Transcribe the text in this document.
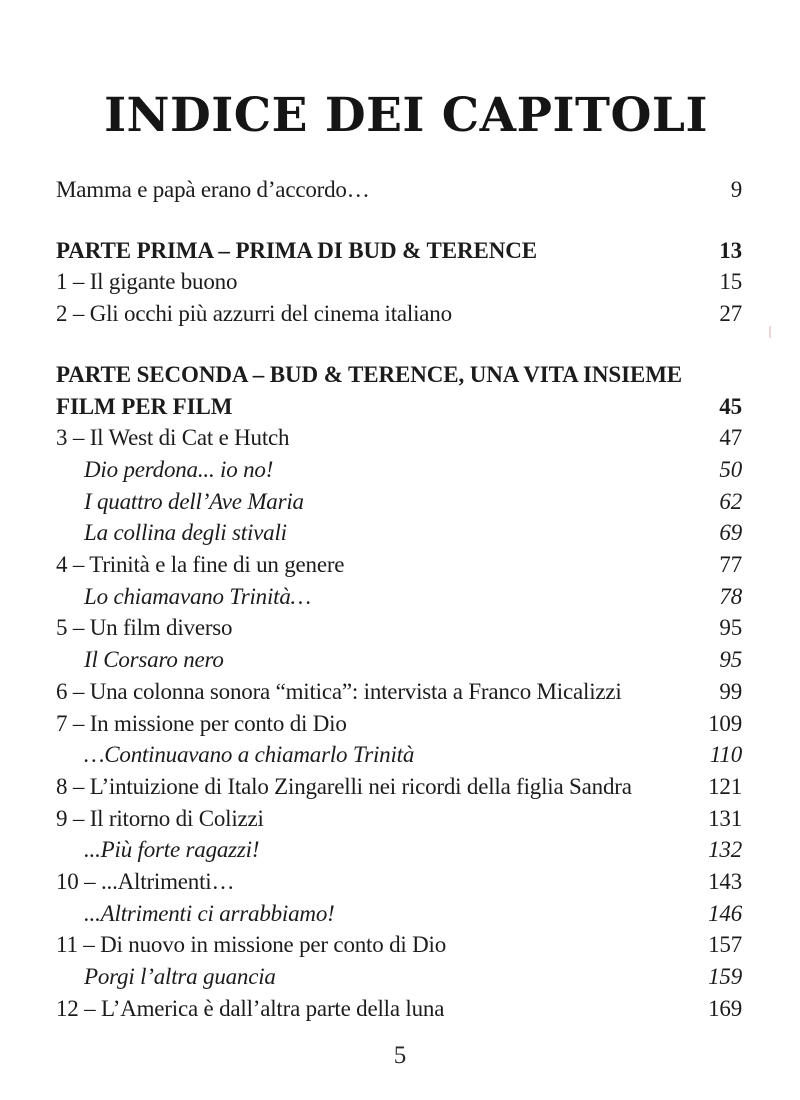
INDICE DEI CAPITOLI
Mamma e papà erano d’accordo…	9
PARTE PRIMA – PRIMA DI BUD & TERENCE	13
1 – Il gigante buono	15
2 – Gli occhi più azzurri del cinema italiano	27
PARTE SECONDA – BUD & TERENCE, UNA VITA INSIEME
FILM PER FILM	45
3 – Il West di Cat e Hutch	47
Dio perdona... io no!	50
I quattro dell’Ave Maria	62
La collina degli stivali	69
4 – Trinità e la fine di un genere	77
Lo chiamavano Trinità…	78
5 – Un film diverso	95
Il Corsaro nero	95
6 – Una colonna sonora “mitica”: intervista a Franco Micalizzi	99
7 – In missione per conto di Dio	109
…Continuavano a chiamarlo Trinità	110
8 – L’intuizione di Italo Zingarelli nei ricordi della figlia Sandra	121
9 – Il ritorno di Colizzi	131
...Più forte ragazzi!	132
10 – ...Altrimenti…	143
...Altrimenti ci arrabbiamo!	146
11 – Di nuovo in missione per conto di Dio	157
Porgi l’altra guancia	159
12 – L’America è dall’altra parte della luna	169
5
